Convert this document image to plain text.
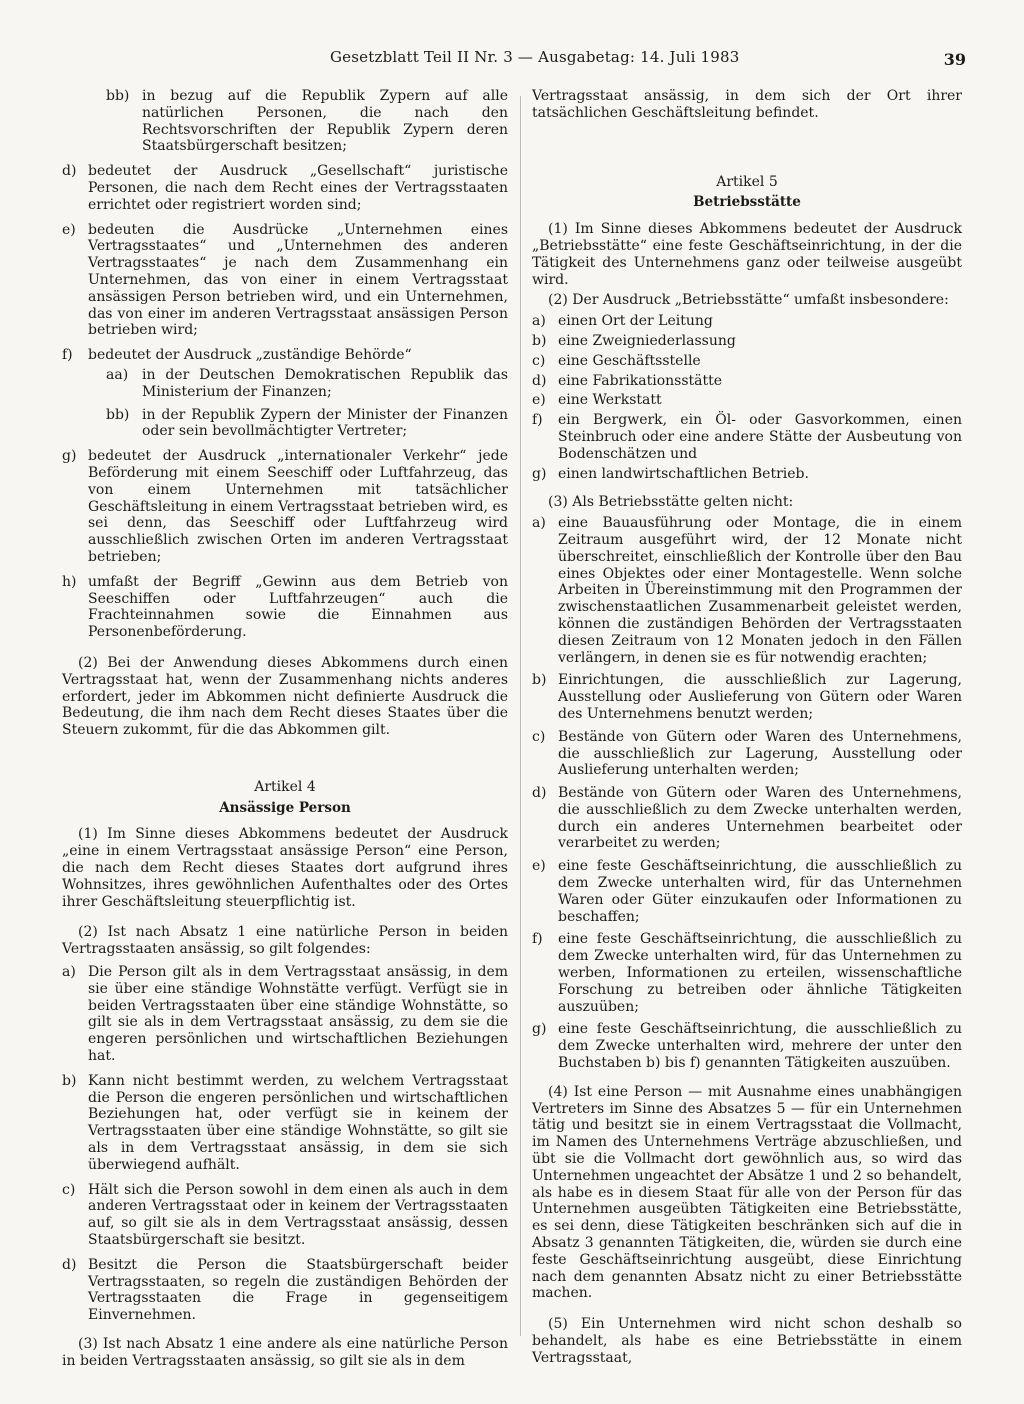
Gesetzblatt Teil II Nr. 3 — Ausgabetag: 14. Juli 1983	39
bb) in bezug auf die Republik Zypern auf alle natürlichen Personen, die nach den Rechtsvorschriften der Republik Zypern deren Staatsbürgerschaft besitzen;
d) bedeutet der Ausdruck „Gesellschaft“ juristische Personen, die nach dem Recht eines der Vertragsstaaten errichtet oder registriert worden sind;
e) bedeuten die Ausdrücke „Unternehmen eines Vertragsstaates“ und „Unternehmen des anderen Vertragsstaates“ je nach dem Zusammenhang ein Unternehmen, das von einer in einem Vertragsstaat ansässigen Person betrieben wird, und ein Unternehmen, das von einer im anderen Vertragsstaat ansässigen Person betrieben wird;
f)	bedeutet der Ausdruck „zuständige Behörde“
aa) in der Deutschen Demokratischen Republik das Ministerium der Finanzen;
bb) in der Republik Zypern der Minister der Finanzen oder sein bevollmächtigter Vertreter;
g) bedeutet der Ausdruck „internationaler Verkehr“ jede Beförderung mit einem Seeschiff oder Luftfahrzeug, das von einem Unternehmen mit tatsächlicher Geschäftsleitung in einem Vertragsstaat betrieben wird, es sei denn, das Seeschiff oder Luftfahrzeug wird ausschließlich zwischen Orten im anderen Vertragsstaat betrieben;
h) umfaßt der Begriff „Gewinn aus dem Betrieb von Seeschiffen oder Luftfahrzeugen“ auch die Frachteinnahmen sowie die Einnahmen aus Personenbeförderung.

(2) Bei der Anwendung dieses Abkommens durch einen Vertragsstaat hat, wenn der Zusammenhang nichts anderes erfordert, jeder im Abkommen nicht definierte Ausdruck die Bedeutung, die ihm nach dem Recht dieses Staates über die Steuern zukommt, für die das Abkommen gilt.

Artikel 4
Ansässige Person

(1) Im Sinne dieses Abkommens bedeutet der Ausdruck „eine in einem Vertragsstaat ansässige Person“ eine Person, die nach dem Recht dieses Staates dort aufgrund ihres Wohnsitzes, ihres gewöhnlichen Aufenthaltes oder des Ortes ihrer Geschäftsleitung steuerpflichtig ist.

(2) Ist nach Absatz 1 eine natürliche Person in beiden Vertragsstaaten ansässig, so gilt folgendes:

a) Die Person gilt als in dem Vertragsstaat ansässig, in dem sie über eine ständige Wohnstätte verfügt. Verfügt sie in beiden Vertragsstaaten über eine ständige Wohnstätte, so gilt sie als in dem Vertragsstaat ansässig, zu dem sie die engeren persönlichen und wirtschaftlichen Beziehungen hat.
b) Kann nicht bestimmt werden, zu welchem Vertragsstaat die Person die engeren persönlichen und wirtschaftlichen Beziehungen hat, oder verfügt sie in keinem der Vertragsstaaten über eine ständige Wohnstätte, so gilt sie als in dem Vertragsstaat ansässig, in dem sie sich überwiegend aufhält.
c) Hält sich die Person sowohl in dem einen als auch in dem anderen Vertragsstaat oder in keinem der Vertragsstaaten auf, so gilt sie als in dem Vertragsstaat ansässig, dessen Staatsbürgerschaft sie besitzt.
d) Besitzt die Person die Staatsbürgerschaft beider Vertragsstaaten, so regeln die zuständigen Behörden der Vertragsstaaten die Frage in gegenseitigem Einvernehmen.

(3) Ist nach Absatz 1 eine andere als eine natürliche Person in beiden Vertragsstaaten ansässig, so gilt sie als in dem

Vertragsstaat ansässig, in dem sich der Ort ihrer tatsächlichen Geschäftsleitung befindet.

Artikel 5
Betriebsstätte

(1) Im Sinne dieses Abkommens bedeutet der Ausdruck „Betriebsstätte“ eine feste Geschäftseinrichtung, in der die Tätigkeit des Unternehmens ganz oder teilweise ausgeübt wird.

(2) Der Ausdruck „Betriebsstätte“ umfaßt insbesondere:

a) einen Ort der Leitung
b) eine Zweigniederlassung
c) eine Geschäftsstelle
d) eine Fabrikationsstätte
e) eine Werkstatt
f)	ein Bergwerk, ein Öl- oder Gasvorkommen, einen Steinbruch oder eine andere Stätte der Ausbeutung von Bodenschätzen und
g) einen landwirtschaftlichen Betrieb.

(3) Als Betriebsstätte gelten nicht:

a) eine Bauausführung oder Montage, die in einem Zeitraum ausgeführt wird, der 12 Monate nicht überschreitet, einschließlich der Kontrolle über den Bau eines Objektes oder einer Montagestelle. Wenn solche Arbeiten in Übereinstimmung mit den Programmen der zwischenstaatlichen Zusammenarbeit geleistet werden, können die zuständigen Behörden der Vertragsstaaten diesen Zeitraum von 12 Monaten jedoch in den Fällen verlängern, in denen sie es für notwendig erachten;
b) Einrichtungen, die ausschließlich zur Lagerung, Ausstellung oder Auslieferung von Gütern oder Waren des Unternehmens benutzt werden;
c) Bestände von Gütern oder Waren des Unternehmens, die ausschließlich zur Lagerung, Ausstellung oder Auslieferung unterhalten werden;
d) Bestände von Gütern oder Waren des Unternehmens, die ausschließlich zu dem Zwecke unterhalten werden, durch ein anderes Unternehmen bearbeitet oder verarbeitet zu werden;
e) eine feste Geschäftseinrichtung, die ausschließlich zu dem Zwecke unterhalten wird, für das Unternehmen Waren oder Güter einzukaufen oder Informationen zu beschaffen;
f)	eine feste Geschäftseinrichtung, die ausschließlich zu dem Zwecke unterhalten wird, für das Unternehmen zu werben, Informationen zu erteilen, wissenschaftliche Forschung zu betreiben oder ähnliche Tätigkeiten auszuüben;
g) eine feste Geschäftseinrichtung, die ausschließlich zu dem Zwecke unterhalten wird, mehrere der unter den Buchstaben b) bis f) genannten Tätigkeiten auszuüben.

(4) Ist eine Person — mit Ausnahme eines unabhängigen Vertreters im Sinne des Absatzes 5 — für ein Unternehmen tätig und besitzt sie in einem Vertragsstaat die Vollmacht, im Namen des Unternehmens Verträge abzuschließen, und übt sie die Vollmacht dort gewöhnlich aus, so wird das Unternehmen ungeachtet der Absätze 1 und 2 so behandelt, als habe es in diesem Staat für alle von der Person für das Unternehmen ausgeübten Tätigkeiten eine Betriebsstätte, es sei denn, diese Tätigkeiten beschränken sich auf die in Absatz 3 genannten Tätigkeiten, die, würden sie durch eine feste Geschäftseinrichtung ausgeübt, diese Einrichtung nach dem genannten Absatz nicht zu einer Betriebsstätte machen.

(5) Ein Unternehmen wird nicht schon deshalb so behandelt, als habe es eine Betriebsstätte in einem Vertragsstaat,
